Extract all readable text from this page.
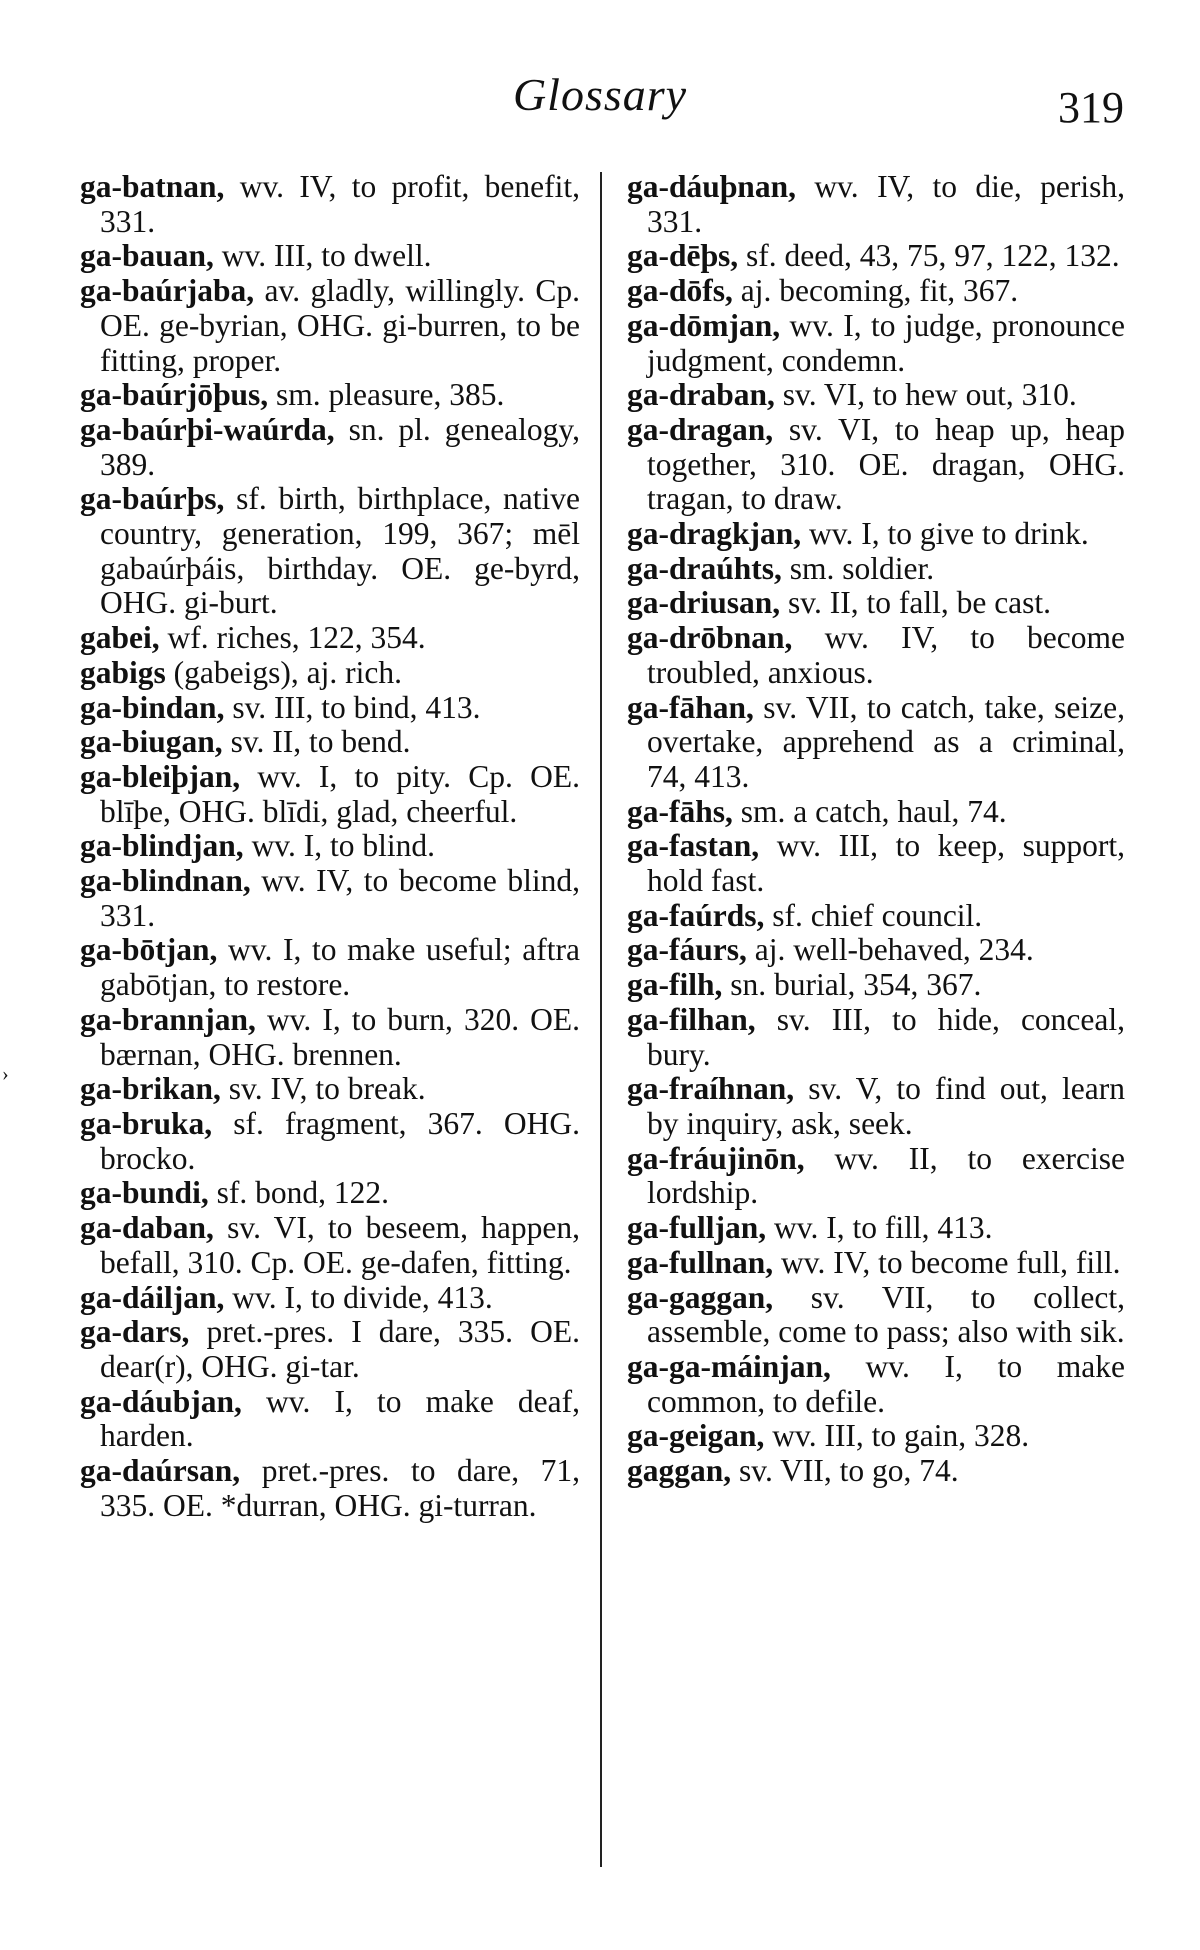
Glossary	319
›
ga-batnan, wv. IV, to profit, benefit, 331.
ga-bauan, wv. III, to dwell.
ga-baúrjaba, av. gladly, willingly. Cp. OE. ge-byrian, OHG. gi-burren, to be fitting, proper.
ga-baúrjōþus, sm. pleasure, 385.
ga-baúrþi-waúrda, sn. pl. genealogy, 389.
ga-baúrþs, sf. birth, birthplace, native country, generation, 199, 367; mēl gabaúrþáis, birthday. OE. ge-byrd, OHG. gi-burt.
gabei, wf. riches, 122, 354.
gabigs (gabeigs), aj. rich.
ga-bindan, sv. III, to bind, 413.
ga-biugan, sv. II, to bend.
ga-bleiþjan, wv. I, to pity. Cp. OE. blīþe, OHG. blīdi, glad, cheerful.
ga-blindjan, wv. I, to blind.
ga-blindnan, wv. IV, to become blind, 331.
ga-bōtjan, wv. I, to make useful; aftra gabōtjan, to restore.
ga-brannjan, wv. I, to burn, 320. OE. bærnan, OHG. brennen.
ga-brikan, sv. IV, to break.
ga-bruka, sf. fragment, 367. OHG. brocko.
ga-bundi, sf. bond, 122.
ga-daban, sv. VI, to beseem, happen, befall, 310. Cp. OE. ge-dafen, fitting.
ga-dáiljan, wv. I, to divide, 413.
ga-dars, pret.-pres. I dare, 335. OE. dear(r), OHG. gi-tar.
ga-dáubjan, wv. I, to make deaf, harden.
ga-daúrsan, pret.-pres. to dare, 71, 335. OE. *durran, OHG. gi-turran.
ga-dáuþnan, wv. IV, to die, perish, 331.
ga-dēþs, sf. deed, 43, 75, 97, 122, 132.
ga-dōfs, aj. becoming, fit, 367.
ga-dōmjan, wv. I, to judge, pronounce judgment, condemn.
ga-draban, sv. VI, to hew out, 310.
ga-dragan, sv. VI, to heap up, heap together, 310. OE. dragan, OHG. tragan, to draw.
ga-dragkjan, wv. I, to give to drink.
ga-draúhts, sm. soldier.
ga-driusan, sv. II, to fall, be cast.
ga-drōbnan, wv. IV, to become troubled, anxious.
ga-fāhan, sv. VII, to catch, take, seize, overtake, apprehend as a criminal, 74, 413.
ga-fāhs, sm. a catch, haul, 74.
ga-fastan, wv. III, to keep, support, hold fast.
ga-faúrds, sf. chief council.
ga-fáurs, aj. well-behaved, 234.
ga-filh, sn. burial, 354, 367.
ga-filhan, sv. III, to hide, conceal, bury.
ga-fraíhnan, sv. V, to find out, learn by inquiry, ask, seek.
ga-fráujinōn, wv. II, to exercise lordship.
ga-fulljan, wv. I, to fill, 413.
ga-fullnan, wv. IV, to become full, fill.
ga-gaggan, sv. VII, to collect, assemble, come to pass; also with sik.
ga-ga-máinjan, wv. I, to make common, to defile.
ga-geigan, wv. III, to gain, 328.
gaggan, sv. VII, to go, 74.
